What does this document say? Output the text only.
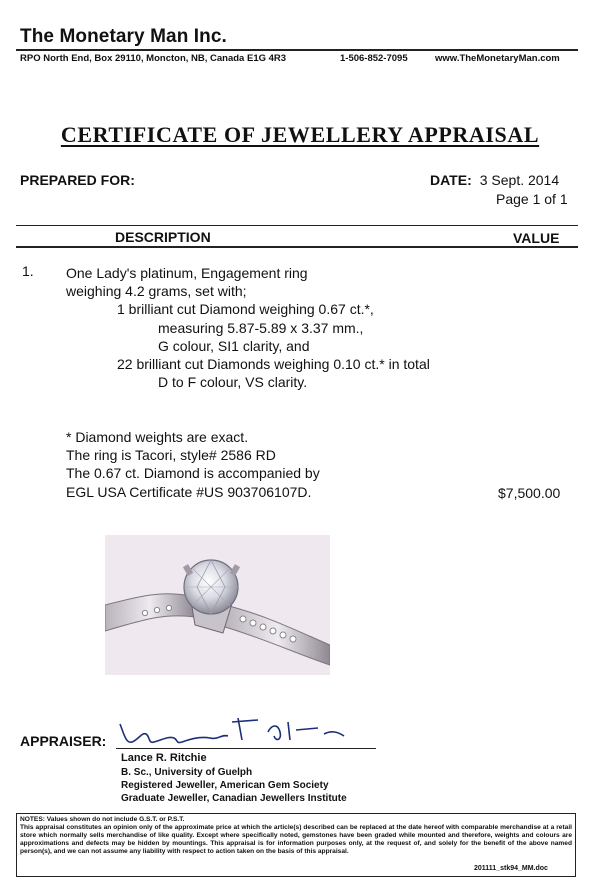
The Monetary Man Inc.
RPO North End, Box 29110, Moncton, NB, Canada E1G 4R3	1-506-852-7095	www.TheMonetaryMan.com
CERTIFICATE OF JEWELLERY APPRAISAL
PREPARED FOR:	DATE: 3 Sept. 2014
Page 1 of 1
DESCRIPTION	VALUE
1. One Lady's platinum, Engagement ring
weighing 4.2 grams, set with;
1 brilliant cut Diamond weighing 0.67 ct.*,
measuring 5.87-5.89 x 3.37 mm.,
G colour, SI1 clarity, and
22 brilliant cut Diamonds weighing 0.10 ct.* in total
D to F colour, VS clarity.
* Diamond weights are exact.
The ring is Tacori, style# 2586 RD
The 0.67 ct. Diamond is accompanied by
EGL USA Certificate #US 903706107D.	$7,500.00
APPRAISER:
Lance R. Ritchie
B. Sc., University of Guelph
Registered Jeweller, American Gem Society
Graduate Jeweller, Canadian Jewellers Institute
NOTES: Values shown do not include G.S.T. or P.S.T.
This appraisal constitutes an opinion only of the approximate price at which the article(s) described can be replaced at the date hereof with comparable merchandise at a retail store which normally sells merchandise of like quality. Except where specifically noted, gemstones have been graded while mounted and therefore, weights and colours are approximations and defects may be hidden by mountings. This appraisal is for information purposes only, at the request of, and solely for the benefit of the above named person(s), and we can not assume any liability with respect to action taken on the basis of this appraisal.
201111_stk94_MM.doc
